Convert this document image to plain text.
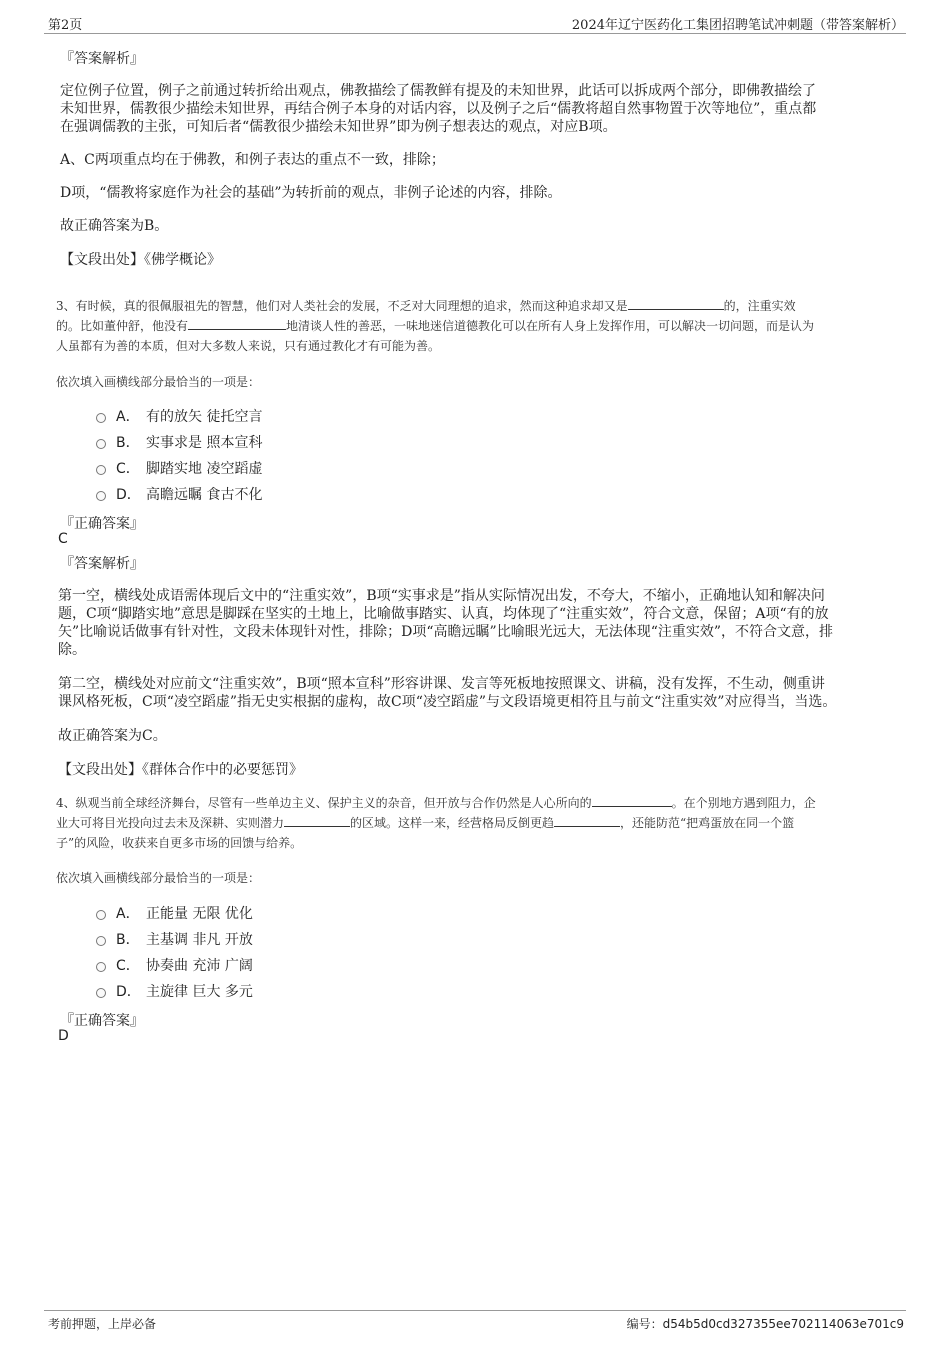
第2页	2024年辽宁医药化工集团招聘笔试冲刺题（带答案解析）
『答案解析』
定位例子位置，例子之前通过转折给出观点，佛教描绘了儒教鲜有提及的未知世界，此话可以拆成两个部分，即佛教描绘了
未知世界，儒教很少描绘未知世界，再结合例子本身的对话内容，以及例子之后“儒教将超自然事物置于次等地位”，重点都
在强调儒教的主张，可知后者“儒教很少描绘未知世界”即为例子想表达的观点，对应B项。
A、C两项重点均在于佛教，和例子表达的重点不一致，排除；
D项，“儒教将家庭作为社会的基础”为转折前的观点，非例子论述的内容，排除。
故正确答案为B。
【文段出处】《佛学概论》
3、有时候，真的很佩服祖先的智慧，他们对人类社会的发展，不乏对大同理想的追求，然而这种追求却又是	的，注重实效
的。比如董仲舒，他没有	地清谈人性的善恶，一味地迷信道德教化可以在所有人身上发挥作用，可以解决一切问题，而是认为
人虽都有为善的本质，但对大多数人来说，只有通过教化才有可能为善。
依次填入画横线部分最恰当的一项是：
A． 有的放矢 徒托空言
B． 实事求是 照本宣科
C． 脚踏实地 凌空蹈虚
D． 高瞻远瞩 食古不化
『正确答案』
C
『答案解析』
第一空，横线处成语需体现后文中的“注重实效”，B项“实事求是”指从实际情况出发，不夸大，不缩小，正确地认知和解决问
题，C项“脚踏实地”意思是脚踩在坚实的土地上，比喻做事踏实、认真，均体现了“注重实效”，符合文意，保留；A项“有的放
矢”比喻说话做事有针对性，文段未体现针对性，排除；D项“高瞻远瞩”比喻眼光远大，无法体现“注重实效”，不符合文意，排
除。
第二空，横线处对应前文“注重实效”，B项“照本宣科”形容讲课、发言等死板地按照课文、讲稿，没有发挥，不生动，侧重讲
课风格死板，C项“凌空蹈虚”指无史实根据的虚构，故C项“凌空蹈虚”与文段语境更相符且与前文“注重实效”对应得当，当选。
故正确答案为C。
【文段出处】《群体合作中的必要惩罚》
4、纵观当前全球经济舞台，尽管有一些单边主义、保护主义的杂音，但开放与合作仍然是人心所向的	。在个别地方遇到阻力，企
业大可将目光投向过去未及深耕、实则潜力	的区域。这样一来，经营格局反倒更趋	，还能防范“把鸡蛋放在同一个篮
子”的风险，收获来自更多市场的回馈与给养。
依次填入画横线部分最恰当的一项是：
A． 正能量 无限 优化
B． 主基调 非凡 开放
C． 协奏曲 充沛 广阔
D． 主旋律 巨大 多元
『正确答案』
D
考前押题，上岸必备	编号：d54b5d0cd327355ee702114063e701c9
